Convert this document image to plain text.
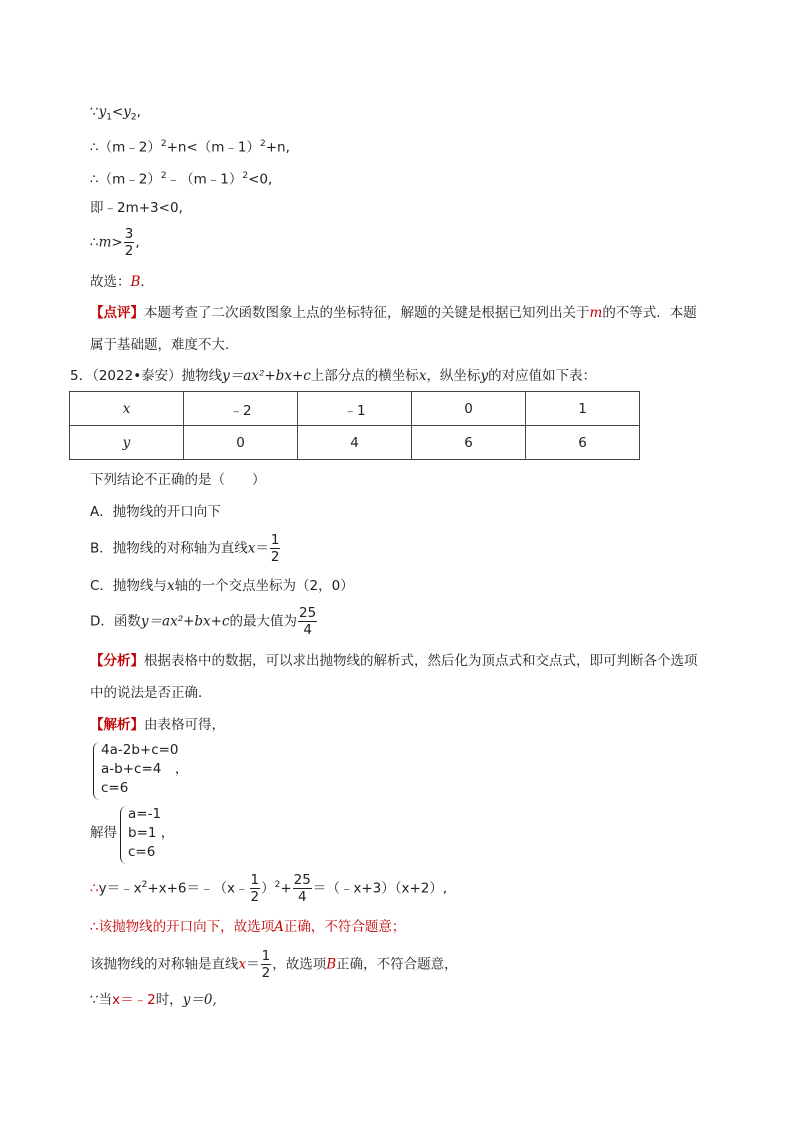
$\because y_1<y_2$,
∴（m﹣2）$^2$+n<（m﹣1）$^2$+n,
∴（m﹣2）$^2$﹣（m﹣1）$^2$<0,
即﹣2m+3<0,
∴m> $\frac{3}{2}$ ,
故选：B.
【点评】本题考查了二次函数图象上点的坐标特征，解题的关键是根据已知列出关于m的不等式．本题
属于基础题，难度不大．
5．（2022•泰安）抛物线y＝ax²+bx+c上部分点的横坐标x，纵坐标y的对应值如下表：
x	﹣2	﹣1	0	1
y	0	4	6	6
下列结论不正确的是（　　）
A．抛物线的开口向下
B．抛物线的对称轴为直线$x= \frac{1}{2}$
C．抛物线与x轴的一个交点坐标为（2，0）
D．函数y＝ax²+bx+c的最大值为 $\frac{25}{4}$
【分析】根据表格中的数据，可以求出抛物线的解析式，然后化为顶点式和交点式，即可判断各个选项
中的说法是否正确．
【解析】由表格可得，
4a-2b+c=0
a-b+c=4　，
c=6
解得
a=-1
b=1 ，
c=6
$\therefore y=﹣x^2+x+6=﹣(x﹣ \frac{1}{2} )^2+ \frac{25}{4}$ ＝（﹣x+3）（x+2）,
∴该抛物线的开口向下，故选项A正确，不符合题意；
该抛物线的对称轴是直线$x= \frac{1}{2}$ ，故选项B正确，不符合题意，
∵当x＝﹣2时，y＝0,
